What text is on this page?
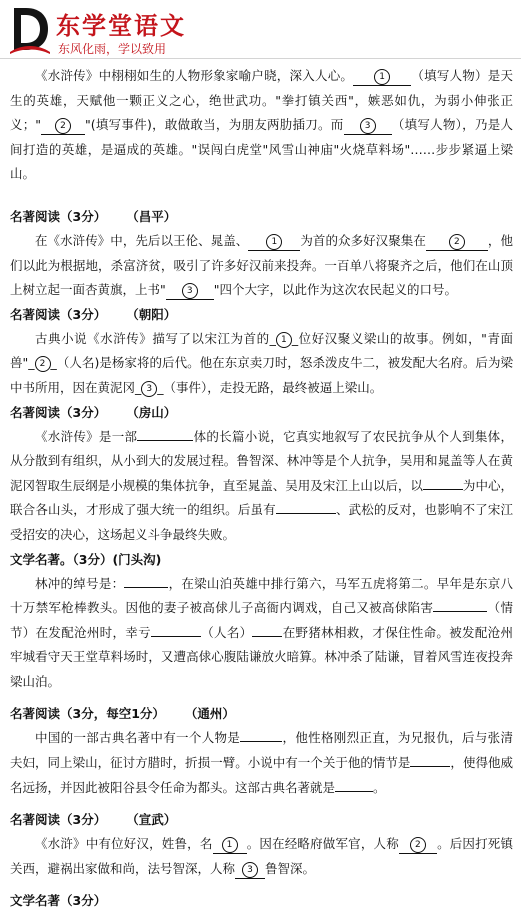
东学堂语文
东风化雨，学以致用

《水浒传》中栩栩如生的人物形象家喻户晓，深入人心。	1 （填写人物）是天生的英雄，天赋他一颗正义之心，绝世武功。"拳打镇关西"，嫉恶如仇，为弱小伸张正义；" 2 "(填写事件)，敢做敢当，为朋友两肋插刀。而 3 （填写人物），乃是人间打造的英雄，是逼成的英雄。"误闯白虎堂"风雪山神庙"火烧草料场"……步步紧逼上梁山。

名著阅读（3分） （昌平）

在《水浒传》中，先后以王伦、晁盖、	1 为首的众多好汉聚集在	2 ，他们以此为根据地，杀富济贫，吸引了许多好汉前来投奔。一百单八将聚齐之后，他们在山顶上树立起一面杏黄旗，上书" 3 "四个大字，以此作为这次农民起义的口号。

名著阅读（3分） （朝阳）

古典小说《水浒传》描写了以宋江为首的_ 1 _位好汉聚义梁山的故事。例如，"青面兽"_ 2 _（人名)是杨家将的后代。他在东京卖刀时，怒杀泼皮牛二，被发配大名府。后为梁中书所用，因在黄泥冈_ 3 _（事件），走投无路，最终被逼上梁山。

名著阅读（3分） （房山）

《水浒传》是一部	体的长篇小说，它真实地叙写了农民抗争从个人到集体，从分散到有组织，从小到大的发展过程。鲁智深、林冲等是个人抗争，吴用和晁盖等人在黄泥冈智取生辰纲是小规模的集体抗争，直至晁盖、吴用及宋江上山以后，以	为中心，联合各山头，才形成了强大统一的组织。后虽有	、武松的反对，也影响不了宋江受招安的决心，这场起义斗争最终失败。

文学名著。（3分）(门头沟)

林冲的绰号是：	，在梁山泊英雄中排行第六，马军五虎将第二。早年是东京八十万禁军枪棒教头。因他的妻子被高俅儿子高衙内调戏，自己又被高俅陷害	（情节）在发配沧州时，幸亏	（人名） 在野猪林相救，才保住性命。被发配沧州牢城看守天王堂草料场时，又遭高俅心腹陆谦放火暗算。林冲杀了陆谦，冒着风雪连夜投奔梁山泊。

名著阅读（3分，每空1分） （通州）

中国的一部古典名著中有一个人物是	，他性格刚烈正直，为兄报仇，后与张清夫妇，同上梁山，征讨方腊时，折损一臂。小说中有一个关于他的情节是	，使得他威名远扬，并因此被阳谷县令任命为都头。这部古典名著就是	。

名著阅读（3分） （宣武）

《水浒》中有位好汉，姓鲁，名 1 。因在经略府做军官，人称 2 。后因打死镇关西，避祸出家做和尚，法号智深，人称 3 鲁智深。

文学名著（3分）
